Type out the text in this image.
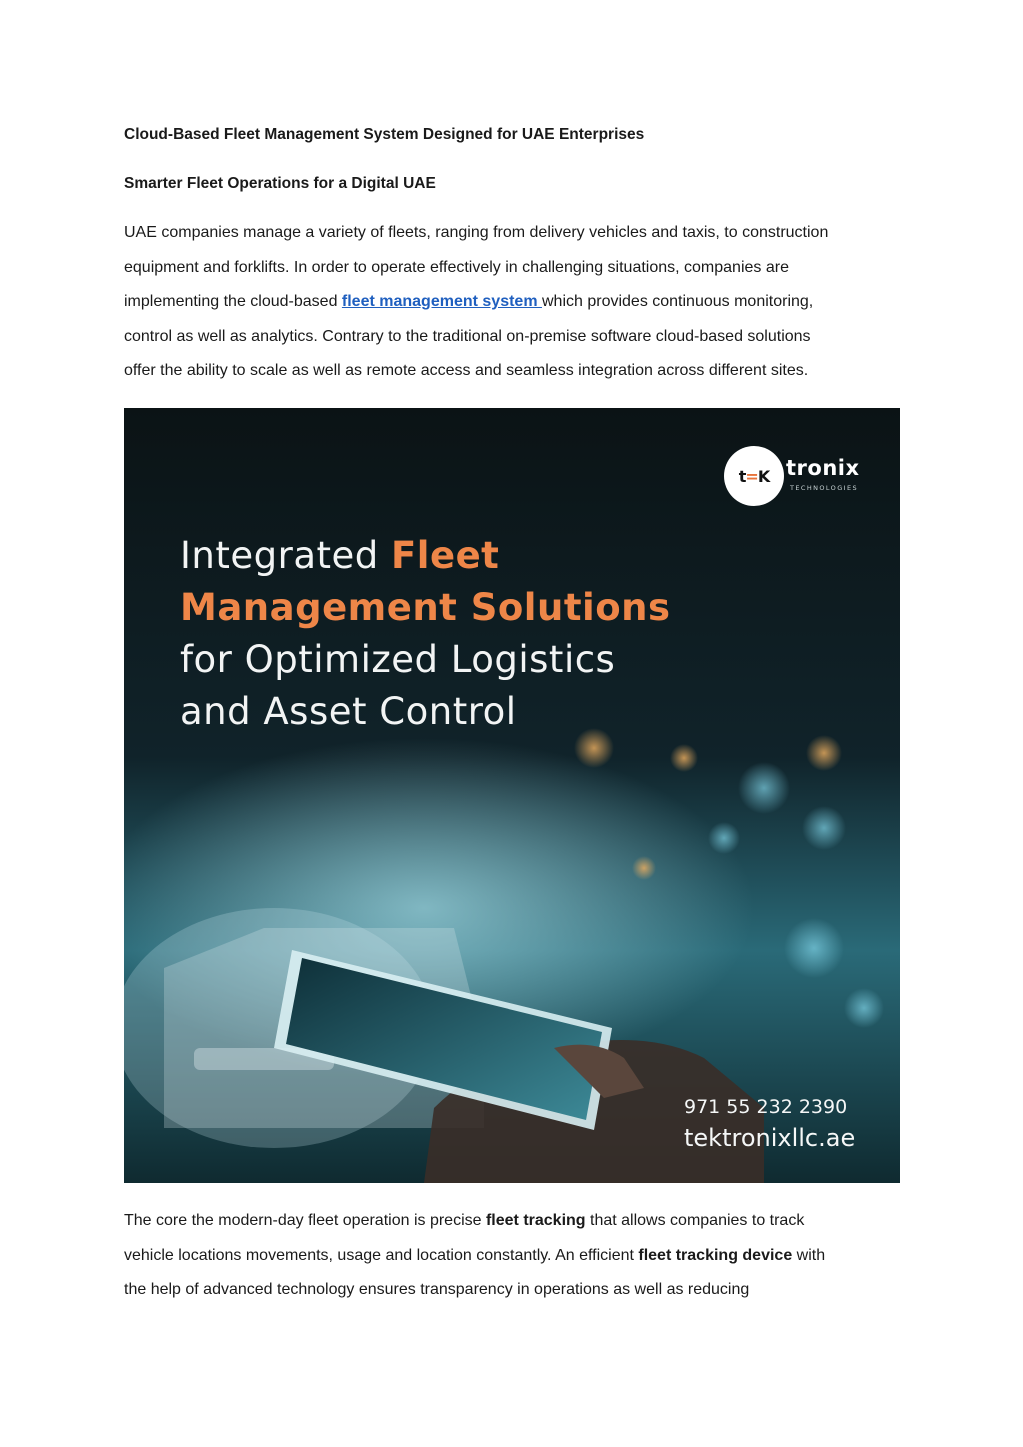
Cloud-Based Fleet Management System Designed for UAE Enterprises
Smarter Fleet Operations for a Digital UAE
UAE companies manage a variety of fleets, ranging from delivery vehicles and taxis, to construction
equipment and forklifts. In order to operate effectively in challenging situations, companies are
implementing the cloud-based fleet management system which provides continuous monitoring,
control as well as analytics. Contrary to the traditional on-premise software cloud-based solutions
offer the ability to scale as well as remote access and seamless integration across different sites.
t=K tronix
TECHNOLOGIES
Integrated Fleet
Management Solutions
for Optimized Logistics
and Asset Control
971 55 232 2390
tektronixllc.ae
The core the modern-day fleet operation is precise fleet tracking that allows companies to track
vehicle locations movements, usage and location constantly. An efficient fleet tracking device with
the help of advanced technology ensures transparency in operations as well as reducing
